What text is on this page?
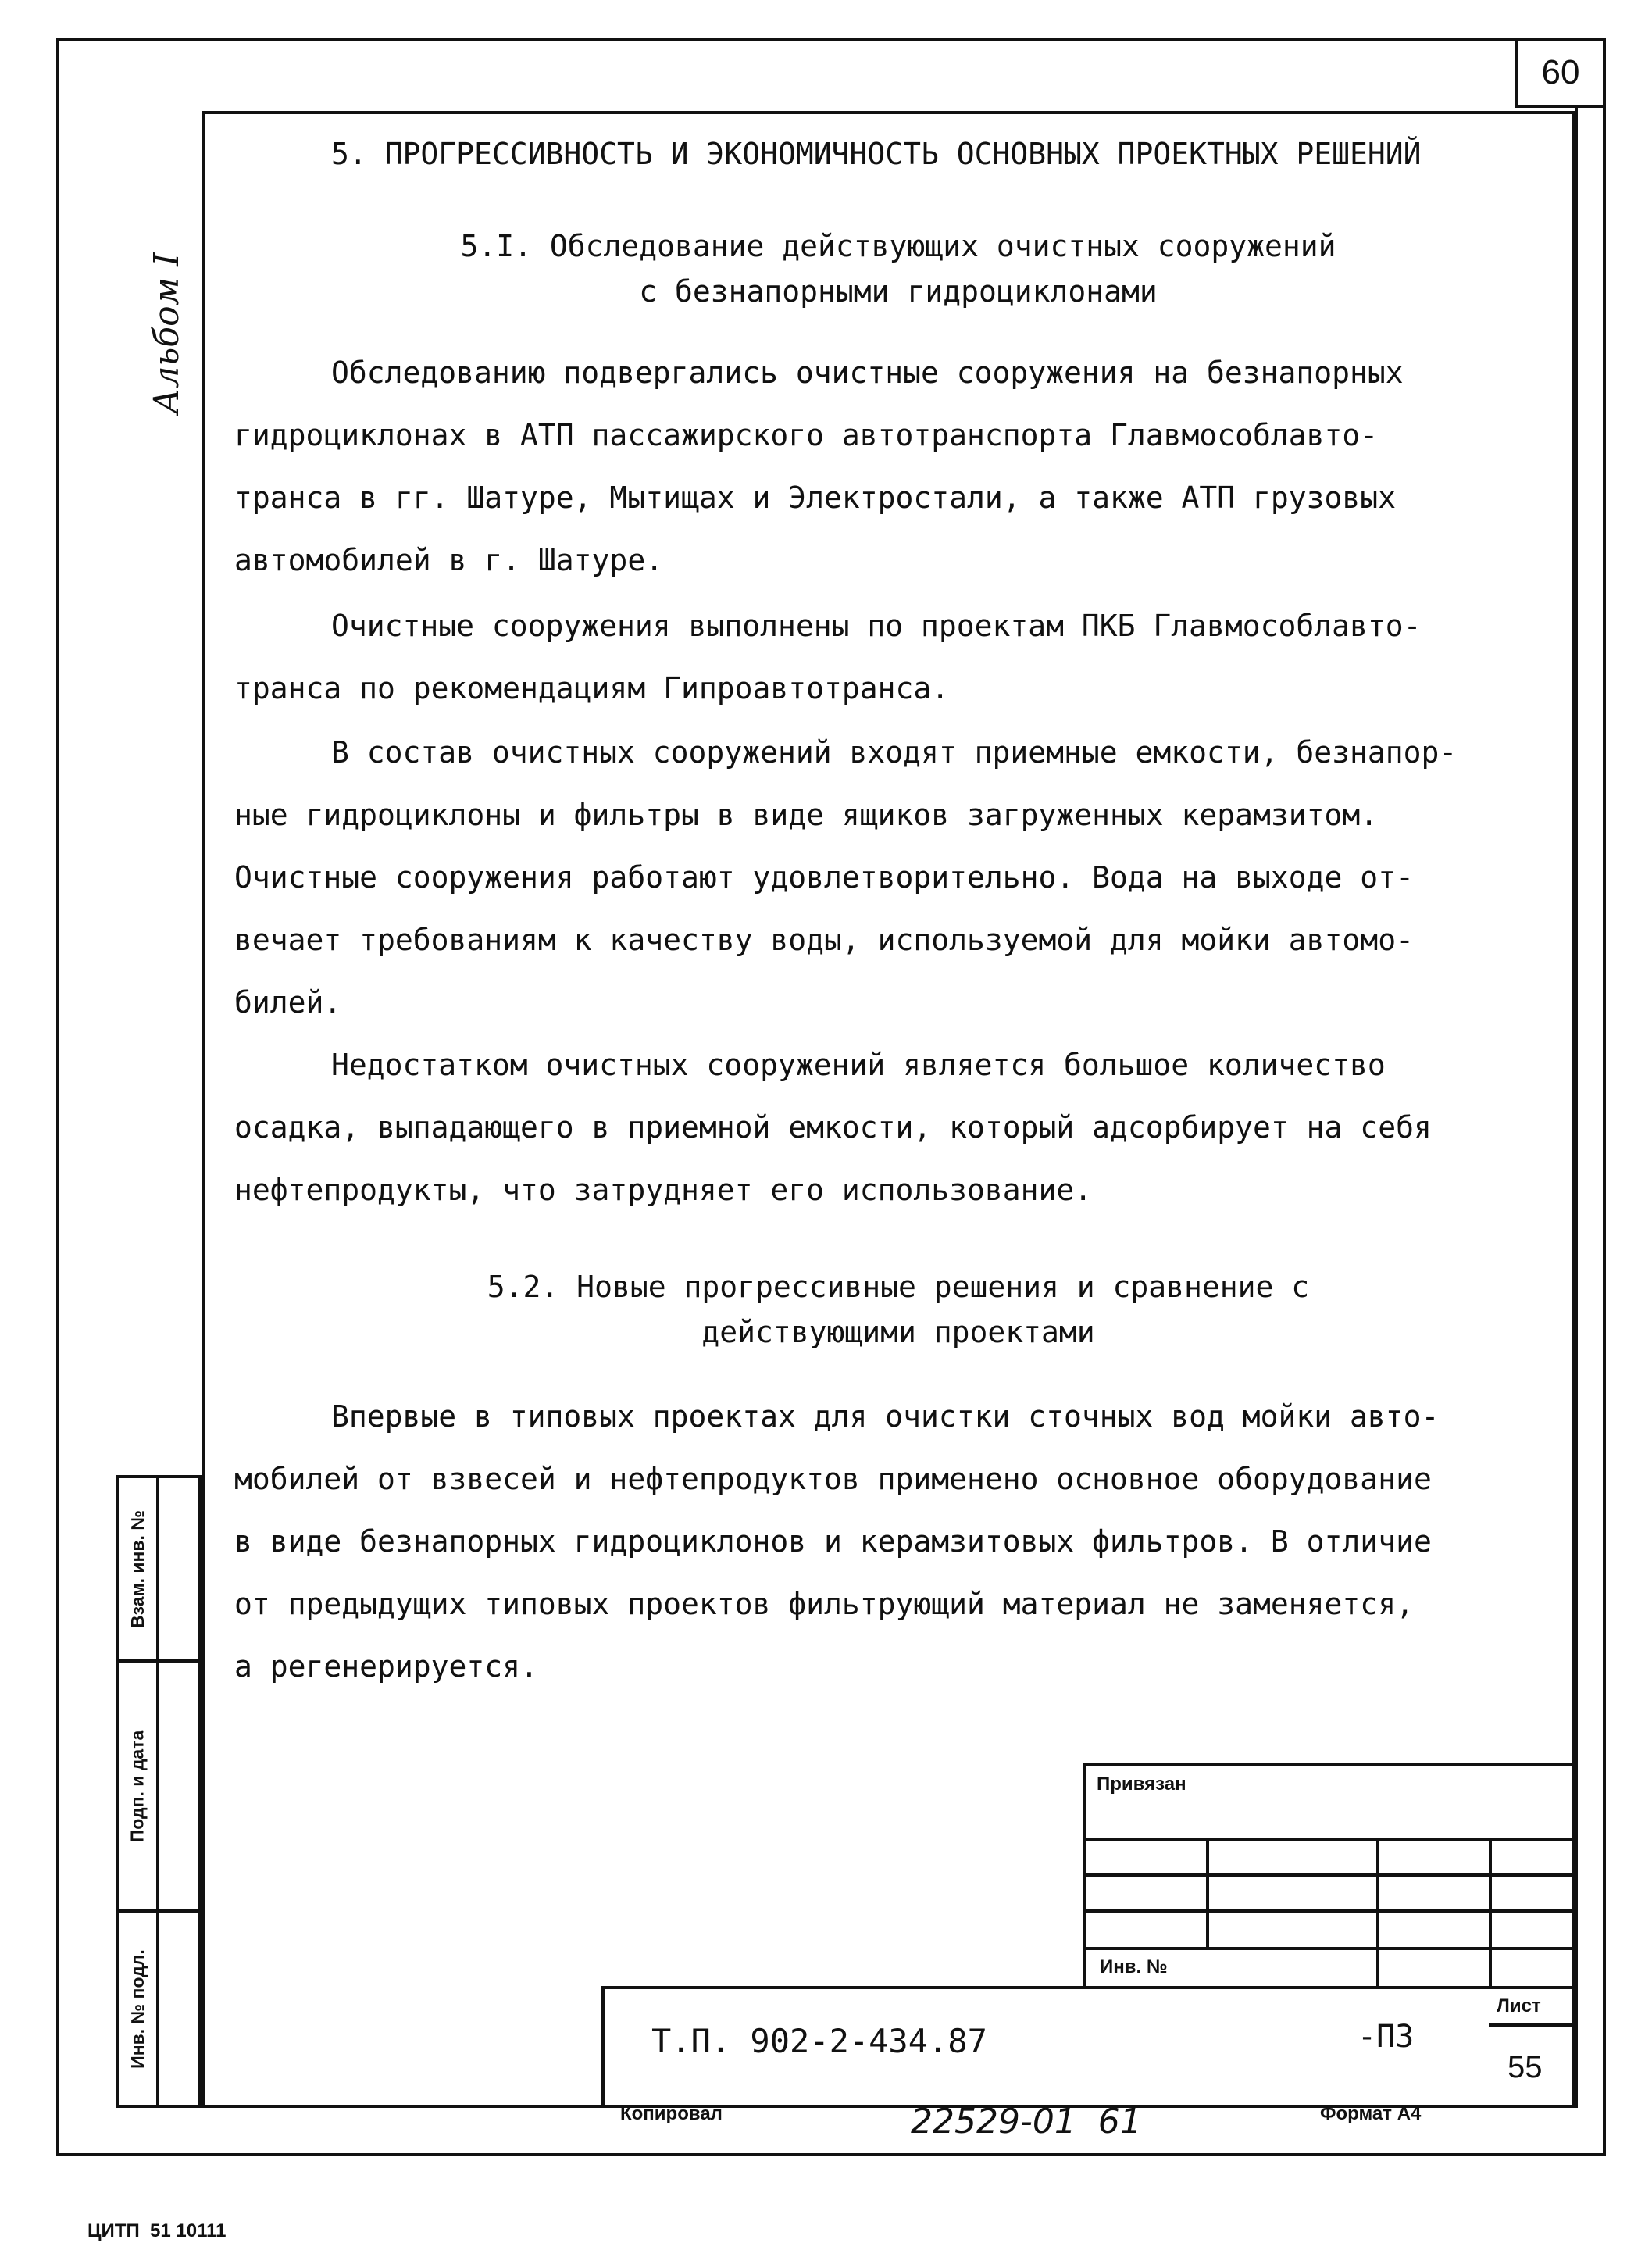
60
Альбом I
5. ПРОГРЕССИВНОСТЬ И ЭКОНОМИЧНОСТЬ ОСНОВНЫХ ПРОЕКТНЫХ РЕШЕНИЙ
5.I. Обследование действующих очистных сооружений
с безнапорными гидроциклонами
Обследованию подвергались очистные сооружения на безнапорных
гидроциклонах в АТП пассажирского автотранспорта Главмособлавто-
транса в гг. Шатуре, Мытищах и Электростали, а также АТП грузовых
автомобилей в г. Шатуре.
Очистные сооружения выполнены по проектам ПКБ Главмособлавто-
транса по рекомендациям Гипроавтотранса.
В состав очистных сооружений входят приемные емкости, безнапор-
ные гидроциклоны и фильтры в виде ящиков загруженных керамзитом.
Очистные сооружения работают удовлетворительно. Вода на выходе от-
вечает требованиям к качеству воды, используемой для мойки автомо-
билей.
Недостатком очистных сооружений является большое количество
осадка, выпадающего в приемной емкости, который адсорбирует на себя
нефтепродукты, что затрудняет его использование.
5.2. Новые прогрессивные решения и сравнение с
действующими проектами
Впервые в типовых проектах для очистки сточных вод мойки авто-
мобилей от взвесей и нефтепродуктов применено основное оборудование
в виде безнапорных гидроциклонов и керамзитовых фильтров. В отличие
от предыдущих типовых проектов фильтрующий материал не заменяется,
а регенерируется.
Взам. инв. №
Подп. и дата
Инв. № подл.
Привязан
Инв. №
Т.П. 902-2-434.87	-ПЗ
Лист
55
Копировал	22529-01  61	Формат А4
ЦИТП  51 10111
